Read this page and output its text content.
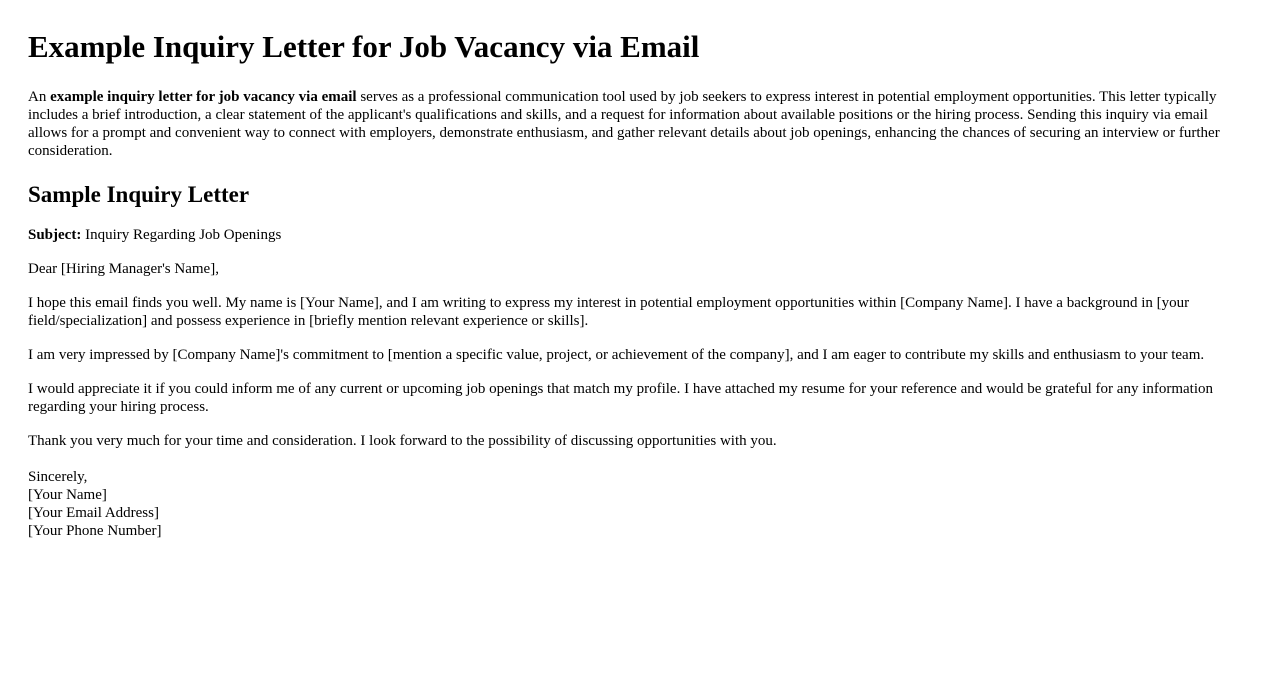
Example Inquiry Letter for Job Vacancy via Email

An example inquiry letter for job vacancy via email serves as a professional communication tool used by job seekers to express interest in potential employment opportunities. This letter typically includes a brief introduction, a clear statement of the applicant's qualifications and skills, and a request for information about available positions or the hiring process. Sending this inquiry via email allows for a prompt and convenient way to connect with employers, demonstrate enthusiasm, and gather relevant details about job openings, enhancing the chances of securing an interview or further consideration.

Sample Inquiry Letter

Subject: Inquiry Regarding Job Openings

Dear [Hiring Manager's Name],

I hope this email finds you well. My name is [Your Name], and I am writing to express my interest in potential employment opportunities within [Company Name]. I have a background in [your field/specialization] and possess experience in [briefly mention relevant experience or skills].

I am very impressed by [Company Name]'s commitment to [mention a specific value, project, or achievement of the company], and I am eager to contribute my skills and enthusiasm to your team.

I would appreciate it if you could inform me of any current or upcoming job openings that match my profile. I have attached my resume for your reference and would be grateful for any information regarding your hiring process.

Thank you very much for your time and consideration. I look forward to the possibility of discussing opportunities with you.

Sincerely,
[Your Name]
[Your Email Address]
[Your Phone Number]
